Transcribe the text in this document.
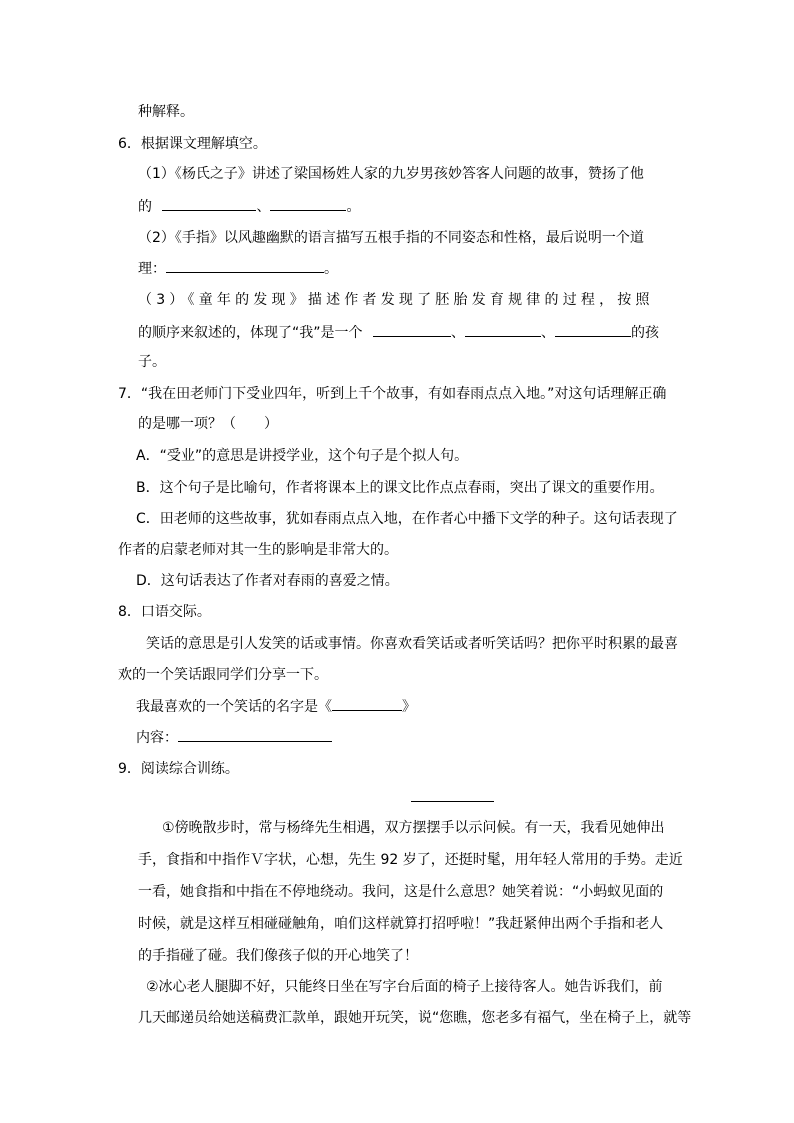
种解释。
6．根据课文理解填空。
（1）《杨氏之子》讲述了梁国杨姓人家的九岁男孩妙答客人问题的故事，赞扬了他
的	、	。
（2）《手指》以风趣幽默的语言描写五根手指的不同姿态和性格，最后说明一个道
理：	。
（3）《童年的发现》描述作者发现了胚胎发育规律的过程，按照
的顺序来叙述的，体现了“我”是一个	、	、	的孩
子。
7．“我在田老师门下受业四年，听到上千个故事，有如春雨点点入地。”对这句话理解正确
的是哪一项？（　　）
A．“受业”的意思是讲授学业，这个句子是个拟人句。
B．这个句子是比喻句，作者将课本上的课文比作点点春雨，突出了课文的重要作用。
C．田老师的这些故事，犹如春雨点点入地，在作者心中播下文学的种子。这句话表现了
作者的启蒙老师对其一生的影响是非常大的。
D．这句话表达了作者对春雨的喜爱之情。
8．口语交际。
笑话的意思是引人发笑的话或事情。你喜欢看笑话或者听笑话吗？把你平时积累的最喜
欢的一个笑话跟同学们分享一下。
我最喜欢的一个笑话的名字是《	》
内容：
9．阅读综合训练。
①傍晚散步时，常与杨绛先生相遇，双方摆摆手以示问候。有一天，我看见她伸出
手，食指和中指作Ｖ字状，心想，先生 92 岁了，还挺时髦，用年轻人常用的手势。走近
一看，她食指和中指在不停地绕动。我问，这是什么意思？她笑着说：“小蚂蚁见面的
时候，就是这样互相碰碰触角，咱们这样就算打招呼啦！”我赶紧伸出两个手指和老人
的手指碰了碰。我们像孩子似的开心地笑了！
②冰心老人腿脚不好，只能终日坐在写字台后面的椅子上接待客人。她告诉我们，前
几天邮递员给她送稿费汇款单，跟她开玩笑，说“您瞧，您老多有福气，坐在椅子上，就等
